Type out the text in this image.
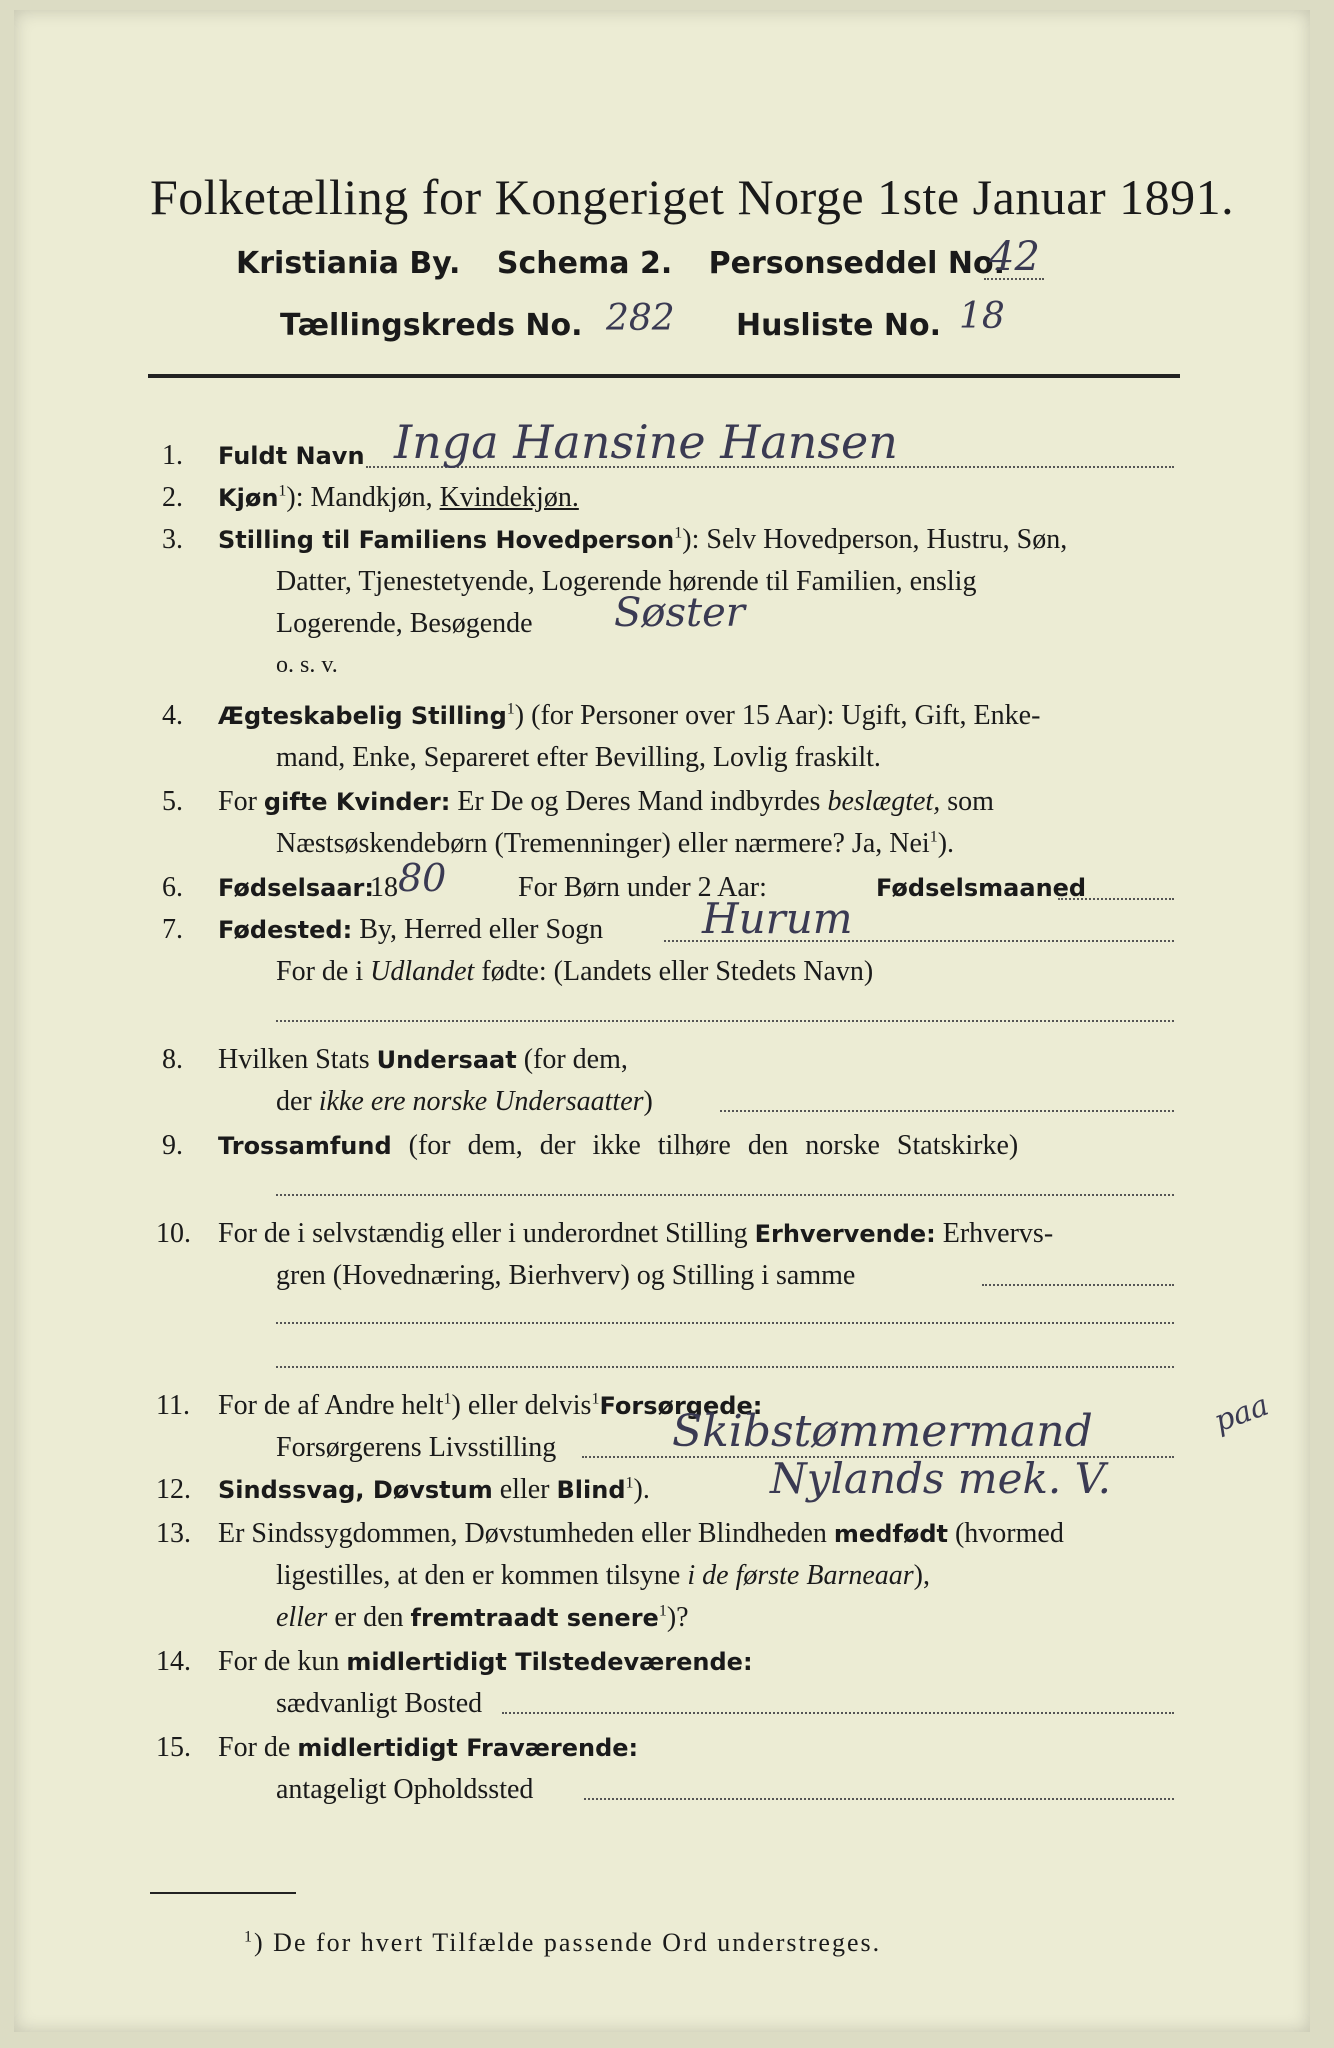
Folketælling for Kongeriget Norge 1ste Januar 1891.
Kristiania By. Schema 2. Personseddel No.
42
Tællingskreds No. 282 Husliste No. 18
1. Fuldt Navn Inga Hansine Hansen
2. Kjøn$^1$): Mandkjøn, Kvindekjøn.
3. Stilling til Familiens Hovedperson$^1$): Selv Hovedperson, Hustru, Søn,
Datter, Tjenestetyende, Logerende hørende til Familien, enslig
Logerende, Besøgende Søster
o. s. v.
4. Ægteskabelig Stilling$^1$) (for Personer over 15 Aar): Ugift, Gift, Enke-
mand, Enke, Separeret efter Bevilling, Lovlig fraskilt.
5. For gifte Kvinder: Er De og Deres Mand indbyrdes beslægtet, som
Næstsøskendebørn (Tremenninger) eller nærmere? Ja, Nei$^1$).
6. Fødselsaar:
18 80	For Børn under 2 Aar:	Fødselsmaaned
7. Fødested: By, Herred eller Sogn Hurum
For de i Udlandet fødte: (Landets eller Stedets Navn)
8. Hvilken Stats Undersaat (for dem,
der ikke ere norske Undersaatter)
9. Trossamfund (for dem, der ikke tilhøre den norske Statskirke)
10. For de i selvstændig eller i underordnet Stilling Erhvervende: Erhvervs-
gren (Hovednæring, Bierhverv) og Stilling i samme
11. For de af Andre helt$^1$) eller delvis$^1$Forsørgede:
Forsørgerens Livsstilling	Skibstømmermand	paa
12. Sindssvag, Døvstum eller Blind$^1$).	Nylands mek. V.
13. Er Sindssygdommen, Døvstumheden eller Blindheden medfødt (hvormed
ligestilles, at den er kommen tilsyne i de første Barneaar),
eller er den fremtraadt senere$^1$)?
14. For de kun midlertidigt Tilstedeværende:
sædvanligt Bosted
15. For de midlertidigt Fraværende:
antageligt Opholdssted
$^1$) De for hvert Tilfælde passende Ord understreges.
